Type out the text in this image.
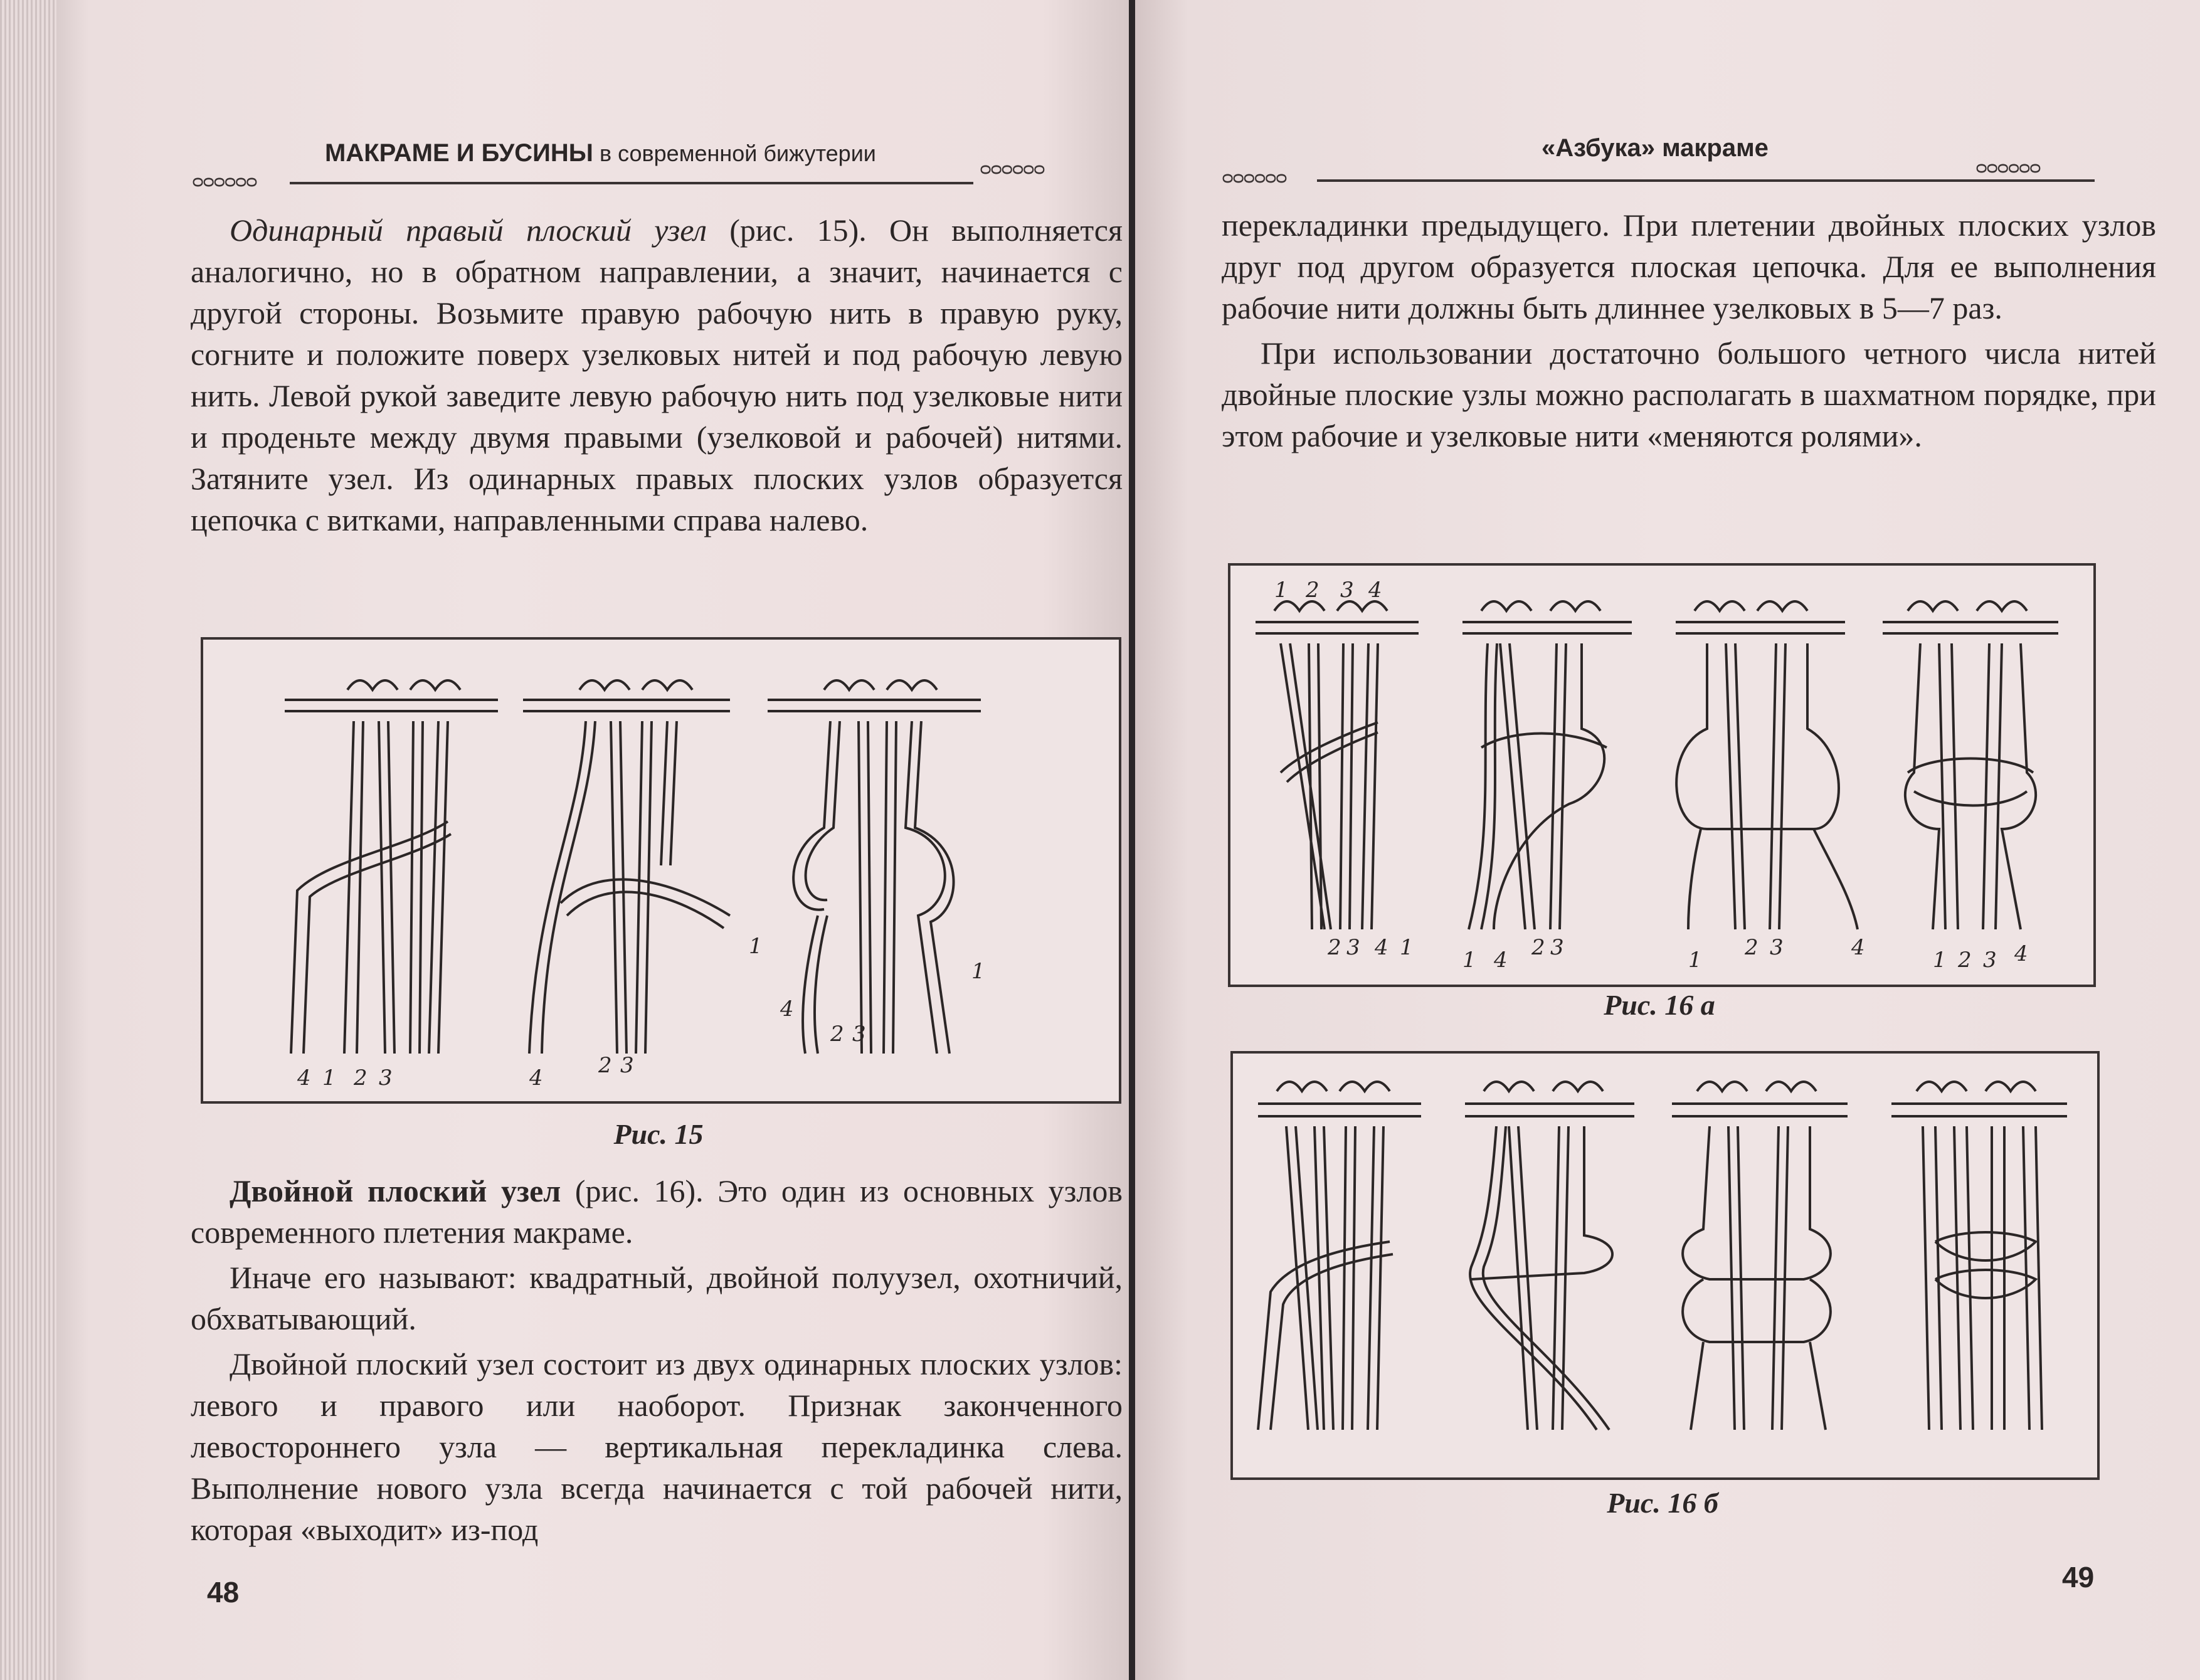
МАКРАМЕ И БУСИНЫ в современной бижутерии
ᴑᴑᴑᴑᴑᴑ
ᴑᴑᴑᴑᴑᴑ

Одинарный правый плоский узел (рис. 15). Он выполняется аналогично, но в обратном направлении, а значит, начинается с другой стороны. Возьмите правую рабочую нить в правую руку, согните и положите поверх узелковых нитей и под рабочую левую нить. Левой рукой заведите левую рабочую нить под узелковые нити и проденьте между двумя правыми (узелковой и рабочей) нитями. Затяните узел. Из одинарных правых плоских узлов образуется цепочка с витками, направленными справа налево.

4 1 2 3	4	2 3
1
4
2 3
1
Рис. 15

Двойной плоский узел (рис. 16). Это один из основных узлов современного плетения макраме.

Иначе его называют: квадратный, двойной полуузел, охотничий, обхватывающий.

Двойной плоский узел состоит из двух одинарных плоских узлов: левого и правого или наоборот. Признак законченного левостороннего узла — вертикальная перекладинка слева. Выполнение нового узла всегда начинается с той рабочей нити, которая «выходит» из-под

48
«Азбука» макраме
ᴑᴑᴑᴑᴑᴑ	ᴑᴑᴑᴑᴑᴑ

перекладинки предыдущего. При плетении двойных плоских узлов друг под другом образуется плоская цепочка. Для ее выполнения рабочие нити должны быть длиннее узелковых в 5—7 раз.

При использовании достаточно большого четного числа нитей двойные плоские узлы можно располагать в шахматном порядке, при этом рабочие и узелковые нити «меняются ролями».

1 2 3 4
2 3 4 1 1 4 2 3	1 2 3	4	1 2 3 4
Рис. 16 а
Рис. 16 б
49
